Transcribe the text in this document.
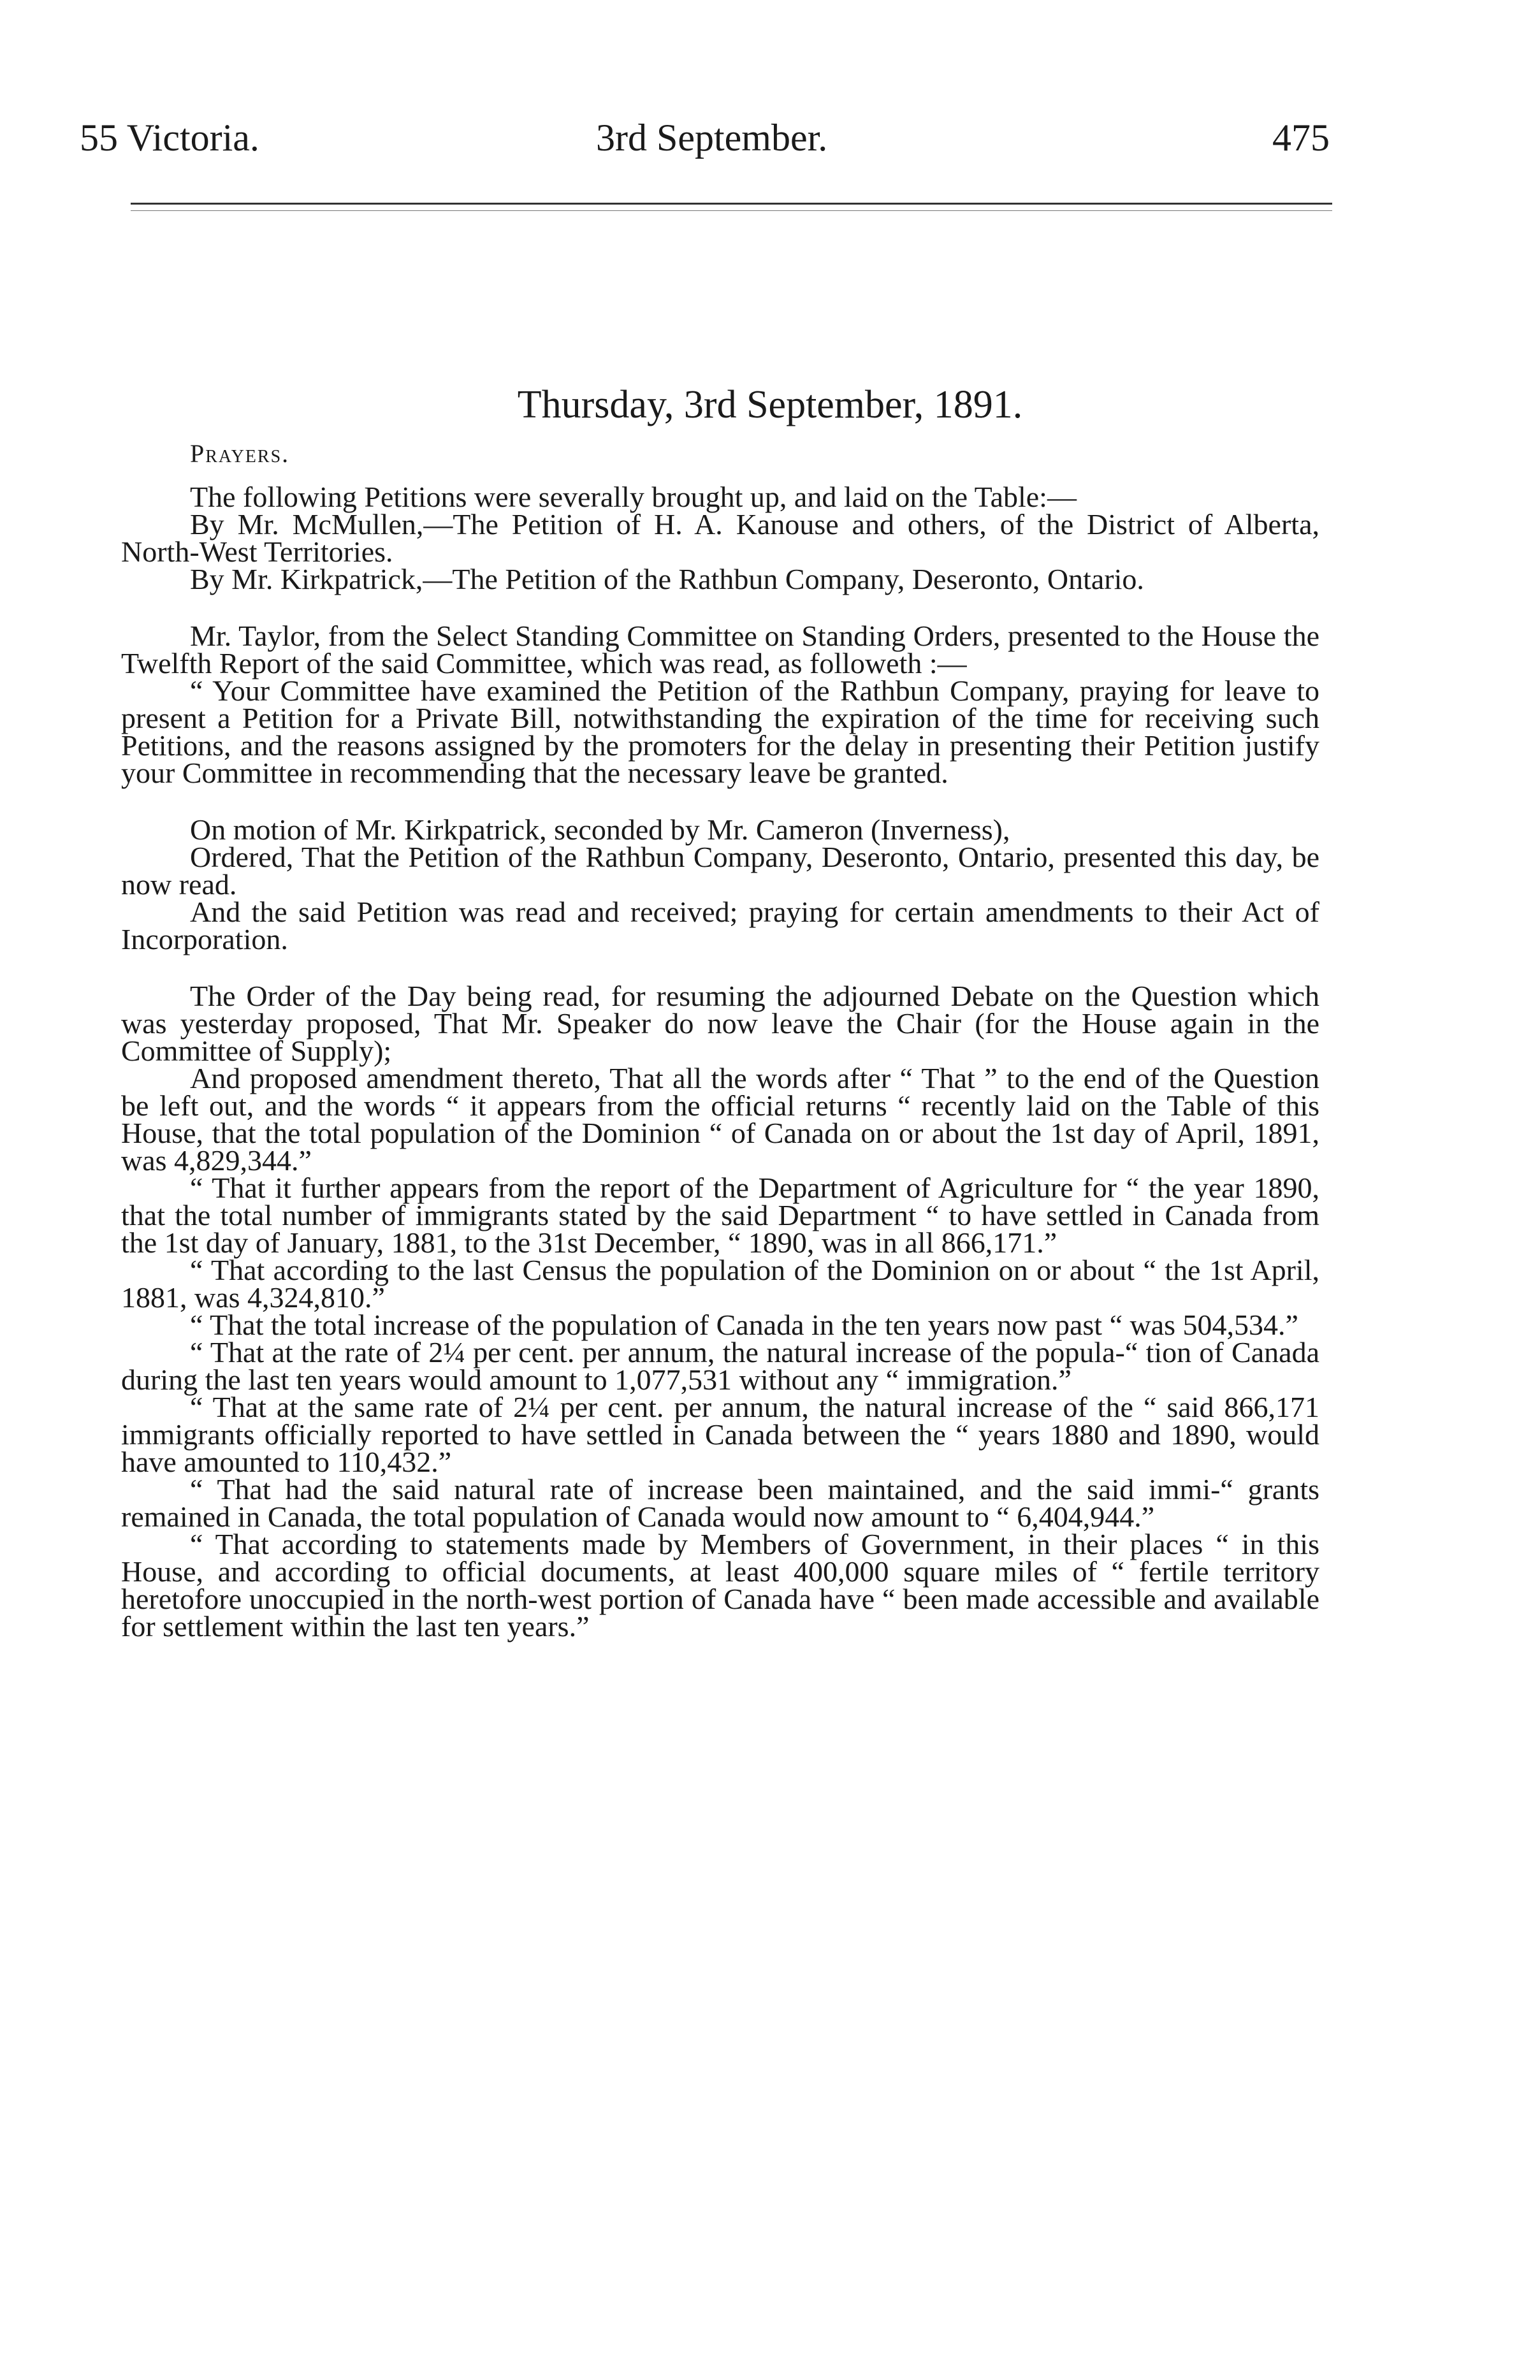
55 Victoria.	3rd September.	475
Thursday, 3rd September, 1891.
Prayers.

The following Petitions were severally brought up, and laid on the Table:—

By Mr. McMullen,—The Petition of H. A. Kanouse and others, of the District of Alberta, North-West Territories.

By Mr. Kirkpatrick,—The Petition of the Rathbun Company, Deseronto, Ontario.

Mr. Taylor, from the Select Standing Committee on Standing Orders, presented to the House the Twelfth Report of the said Committee, which was read, as followeth :—

“ Your Committee have examined the Petition of the Rathbun Company, praying for leave to present a Petition for a Private Bill, notwithstanding the expiration of the time for receiving such Petitions, and the reasons assigned by the promoters for the delay in presenting their Petition justify your Committee in recommending that the necessary leave be granted.

On motion of Mr. Kirkpatrick, seconded by Mr. Cameron (Inverness),

Ordered, That the Petition of the Rathbun Company, Deseronto, Ontario, presented this day, be now read.

And the said Petition was read and received; praying for certain amendments to their Act of Incorporation.

The Order of the Day being read, for resuming the adjourned Debate on the Question which was yesterday proposed, That Mr. Speaker do now leave the Chair (for the House again in the Committee of Supply);

And proposed amendment thereto, That all the words after “ That ” to the end of the Question be left out, and the words “ it appears from the official returns “ recently laid on the Table of this House, that the total population of the Dominion “ of Canada on or about the 1st day of April, 1891, was 4,829,344.”

“ That it further appears from the report of the Department of Agriculture for “ the year 1890, that the total number of immigrants stated by the said Department “ to have settled in Canada from the 1st day of January, 1881, to the 31st December, “ 1890, was in all 866,171.”

“ That according to the last Census the population of the Dominion on or about “ the 1st April, 1881, was 4,324,810.”

“ That the total increase of the population of Canada in the ten years now past “ was 504,534.”

“ That at the rate of 2¼ per cent. per annum, the natural increase of the popula-“ tion of Canada during the last ten years would amount to 1,077,531 without any “ immigration.”

“ That at the same rate of 2¼ per cent. per annum, the natural increase of the “ said 866,171 immigrants officially reported to have settled in Canada between the “ years 1880 and 1890, would have amounted to 110,432.”

“ That had the said natural rate of increase been maintained, and the said immi-“ grants remained in Canada, the total population of Canada would now amount to “ 6,404,944.”

“ That according to statements made by Members of Government, in their places “ in this House, and according to official documents, at least 400,000 square miles of “ fertile territory heretofore unoccupied in the north-west portion of Canada have “ been made accessible and available for settlement within the last ten years.”
